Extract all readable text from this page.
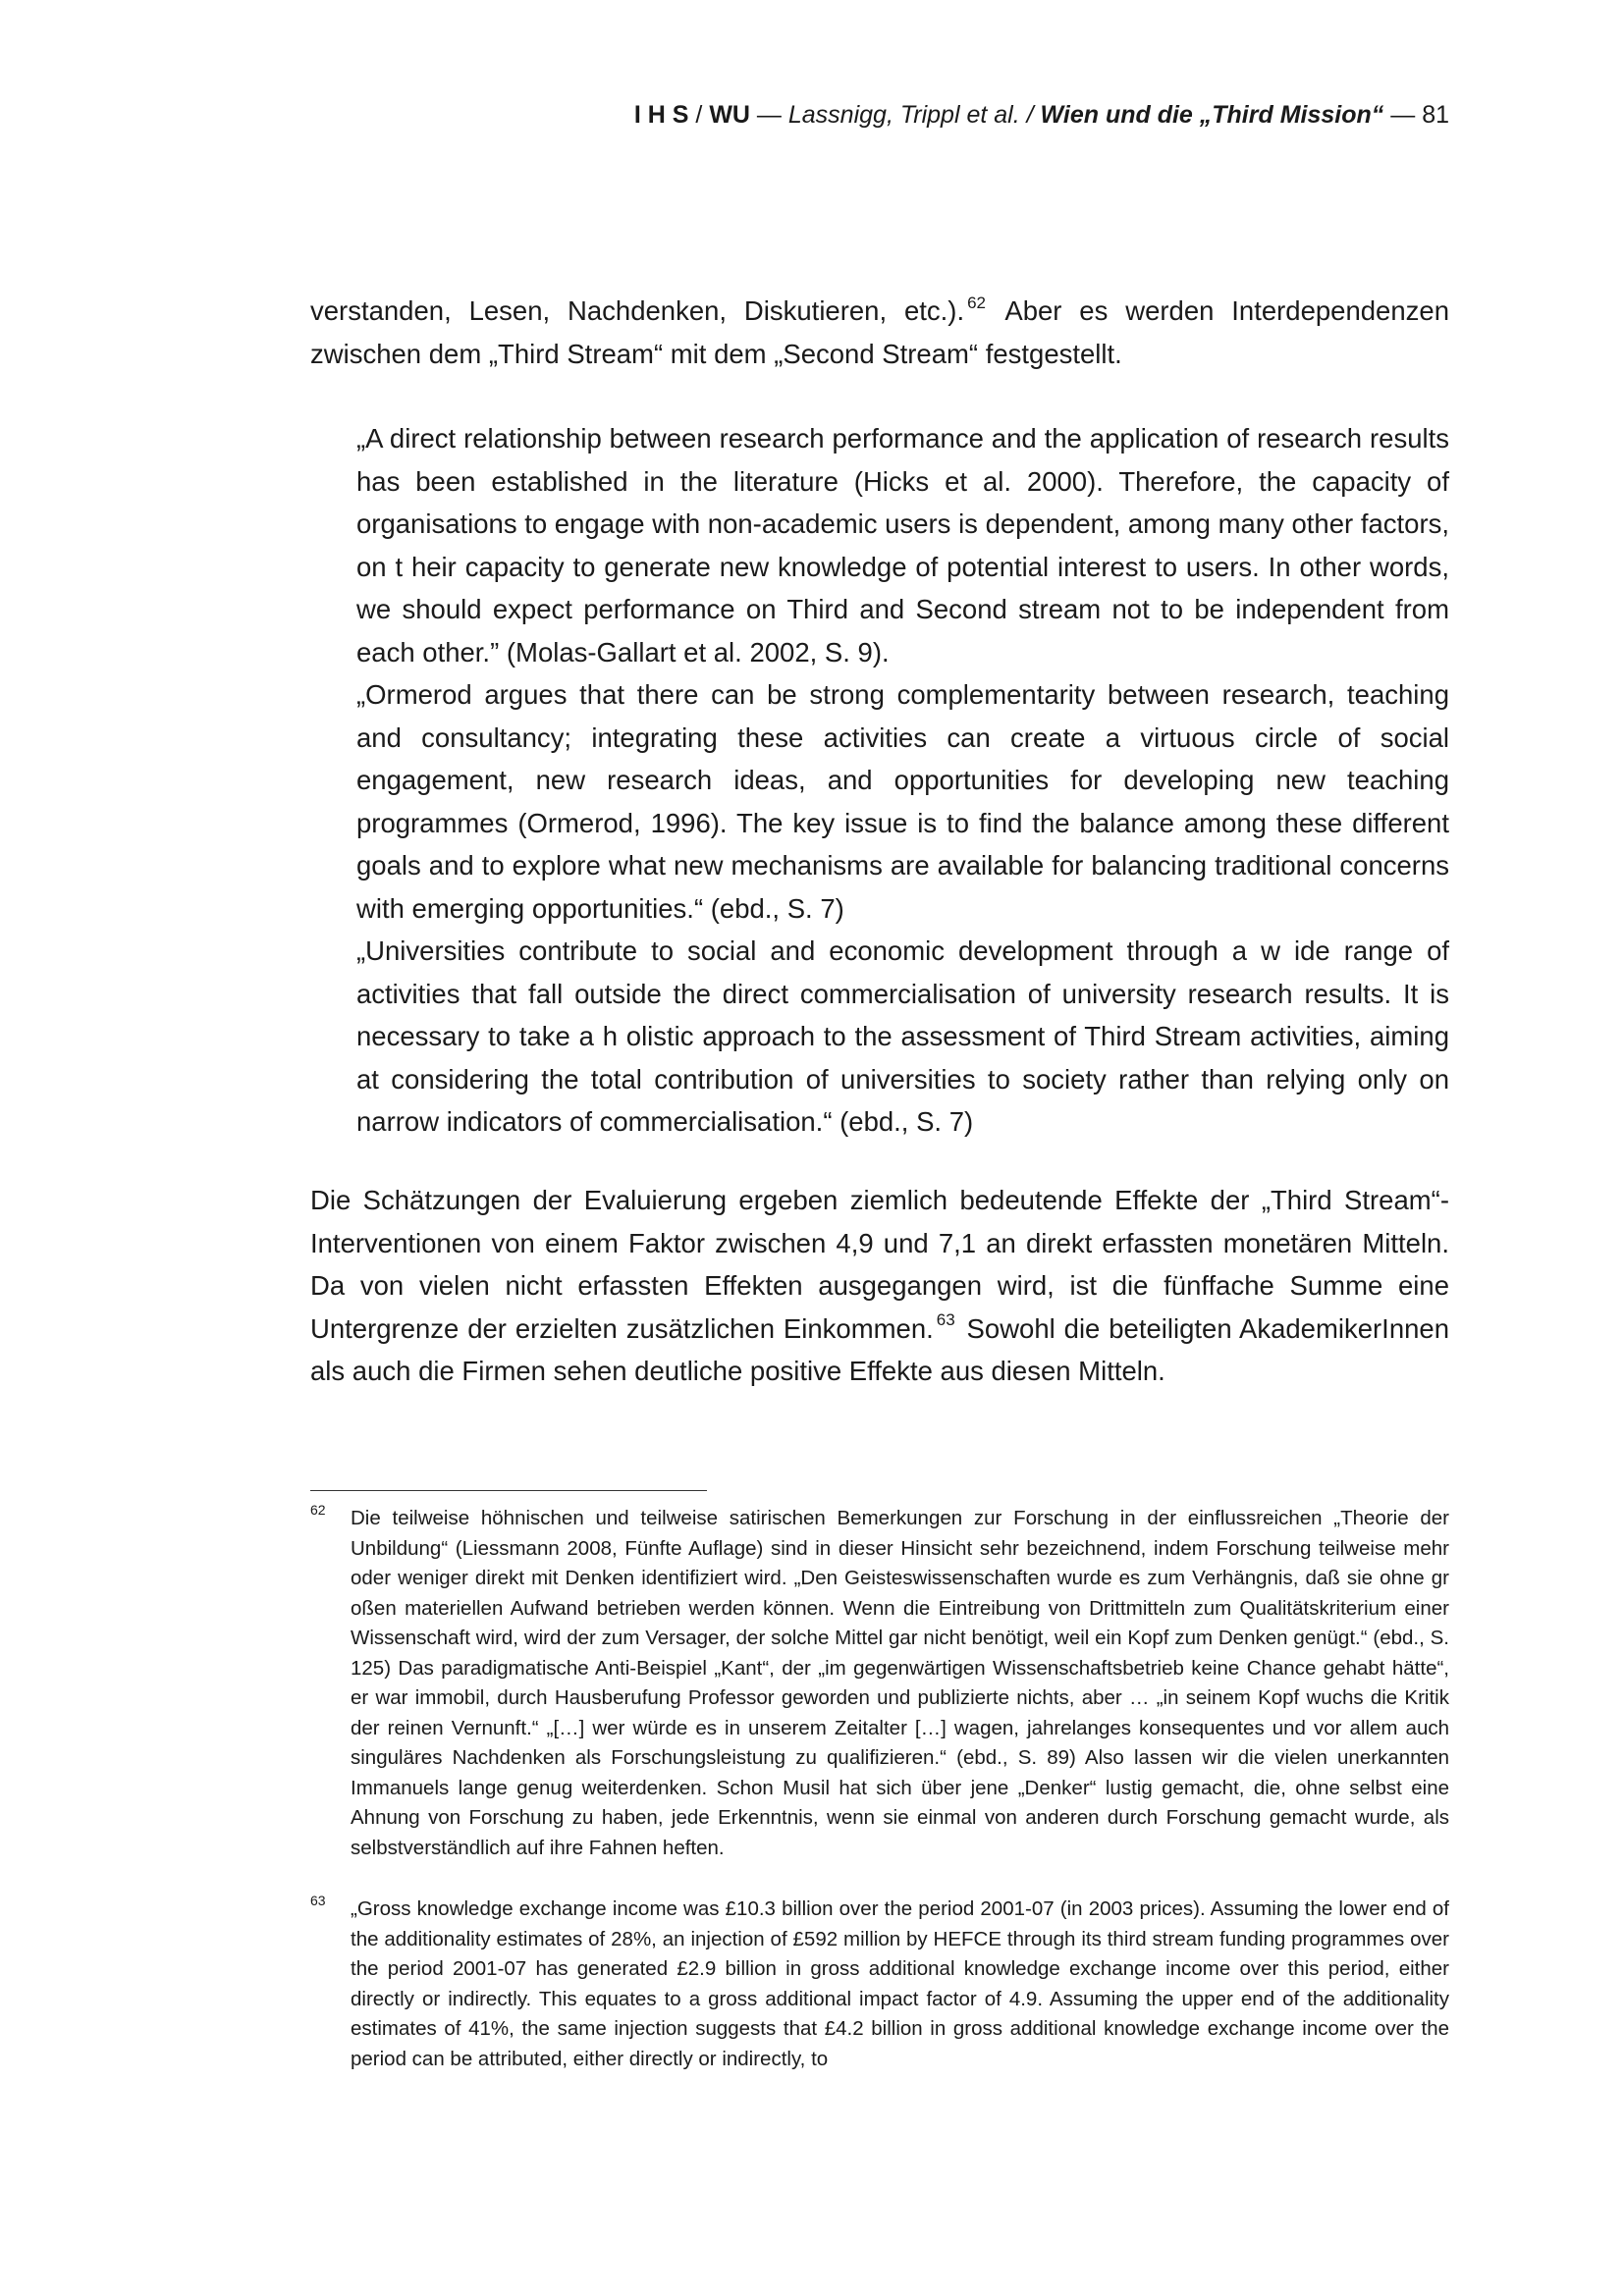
I H S / WU — Lassnigg, Trippl et al. / Wien und die „Third Mission“ — 81

verstanden, Lesen, Nachdenken, Diskutieren, etc.). $^{62}$ Aber es werden Interdependenzen zwischen dem „Third Stream“ mit dem „Second Stream“ festgestellt.

„A direct relationship between research performance and the application of research results has been established in the literature (Hicks et al. 2000). Therefore, the capacity of organisations to engage with non-academic users is dependent, among many other factors, on t heir capacity to generate new knowledge of potential interest to users. In other words, we should expect performance on Third and Second stream not to be independent from each other.” (Molas-Gallart et al. 2002, S. 9).

„Ormerod argues that there can be strong complementarity between research, teaching and consultancy; integrating these activities can create a virtuous circle of social engagement, new research ideas, and opportunities for developing new teaching programmes (Ormerod, 1996). The key issue is to find the balance among these different goals and to explore what new mechanisms are available for balancing traditional concerns with emerging opportunities.“ (ebd., S. 7)

„Universities contribute to social and economic development through a w ide range of activities that fall outside the direct commercialisation of university research results. It is necessary to take a h olistic approach to the assessment of Third Stream activities, aiming at considering the total contribution of universities to society rather than relying only on narrow indicators of commercialisation.“ (ebd., S. 7)

Die Schätzungen der Evaluierung ergeben ziemlich bedeutende Effekte der „Third Stream“-Interventionen von einem Faktor zwischen 4,9 und 7,1 an direkt erfassten monetären Mitteln. Da von vielen nicht erfassten Effekten ausgegangen wird, ist die fünffache Summe eine Untergrenze der erzielten zusätzlichen Einkommen. $^{63}$ Sowohl die beteiligten AkademikerInnen als auch die Firmen sehen deutliche positive Effekte aus diesen Mitteln.

62 Die teilweise höhnischen und teilweise satirischen Bemerkungen zur Forschung in der einflussreichen „Theorie der Unbildung“ (Liessmann 2008, Fünfte Auflage) sind in dieser Hinsicht sehr bezeichnend, indem Forschung teilweise mehr oder weniger direkt mit Denken identifiziert wird. „Den Geisteswissenschaften wurde es zum Verhängnis, daß sie ohne gr oßen materiellen Aufwand betrieben werden können. Wenn die Eintreibung von Drittmitteln zum Qualitätskriterium einer Wissenschaft wird, wird der zum Versager, der solche Mittel gar nicht benötigt, weil ein Kopf zum Denken genügt.“ (ebd., S. 125) Das paradigmatische Anti-Beispiel „Kant“, der „im gegenwärtigen Wissenschaftsbetrieb keine Chance gehabt hätte“, er war immobil, durch Hausberufung Professor geworden und publizierte nichts, aber … „in seinem Kopf wuchs die Kritik der reinen Vernunft.“ „[…] wer würde es in unserem Zeitalter […] wagen, jahrelanges konsequentes und vor allem auch singuläres Nachdenken als Forschungsleistung zu qualifizieren.“ (ebd., S. 89) Also lassen wir die vielen unerkannten Immanuels lange genug weiterdenken. Schon Musil hat sich über jene „Denker“ lustig gemacht, die, ohne selbst eine Ahnung von Forschung zu haben, jede Erkenntnis, wenn sie einmal von anderen durch Forschung gemacht wurde, als selbstverständlich auf ihre Fahnen heften.
63 „Gross knowledge exchange income was £10.3 billion over the period 2001-07 (in 2003 prices). Assuming the lower end of the additionality estimates of 28%, an injection of £592 million by HEFCE through its third stream funding programmes over the period 2001-07 has generated £2.9 billion in gross additional knowledge exchange income over this period, either directly or indirectly. This equates to a gross additional impact factor of 4.9. Assuming the upper end of the additionality estimates of 41%, the same injection suggests that £4.2 billion in gross additional knowledge exchange income over the period can be attributed, either directly or indirectly, to
